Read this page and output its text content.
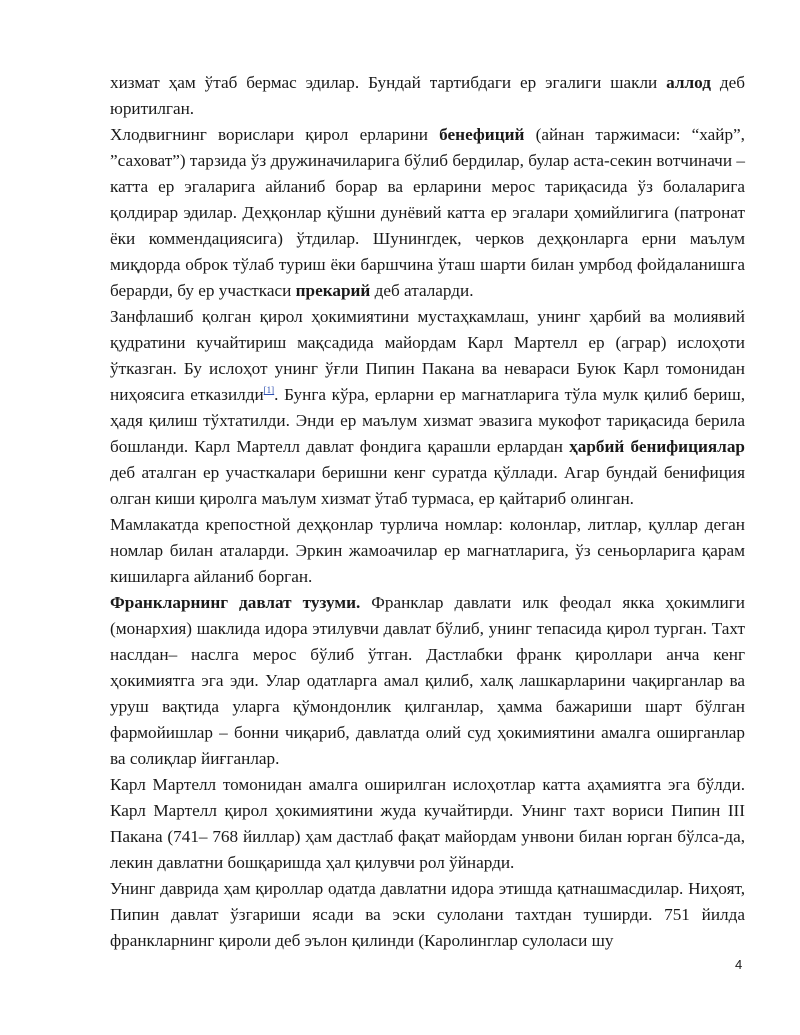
хизмат ҳам ўтаб бермас эдилар. Бундай тартибдаги ер эгалиги шакли аллод деб юритилган.

Хлодвигнинг ворислари қирол ерларини бенефиций (айнан таржимаси: “хайр”, ”саховат”) тарзида ўз дружиначиларига бўлиб бердилар, булар аста-секин вотчиначи – катта ер эгаларига айланиб борар ва ерларини мерос тариқасида ўз болаларига қолдирар эдилар. Деҳқонлар қўшни дунёвий катта ер эгалари ҳомийлигига (патронат ёки коммендациясига) ўтдилар. Шунингдек, черков деҳқонларга ерни маълум миқдорда оброк тўлаб туриш ёки баршчина ўташ шарти билан умрбод фойдаланишга берарди, бу ер участкаси прекарий деб аталарди.

Занфлашиб қолган қирол ҳокимиятини мустаҳкамлаш, унинг ҳарбий ва молиявий қудратини кучайтириш мақсадида майордам Карл Мартелл ер (аграр) ислоҳоти ўтказган. Бу ислоҳот унинг ўғли Пипин Пакана ва невараси Буюк Карл томонидан ниҳоясига етказилди[1]. Бунга кўра, ерларни ер магнатларига тўла мулк қилиб бериш, ҳадя қилиш тўхтатилди. Энди ер маълум хизмат эвазига мукофот тариқасида берила бошланди. Карл Мартелл давлат фондига қарашли ерлардан ҳарбий бенифициялар деб аталган ер участкалари беришни кенг суратда қўллади. Агар бундай бенифиция олган киши қиролга маълум хизмат ўтаб турмаса, ер қайтариб олинган.

Мамлакатда крепостной деҳқонлар турлича номлар: колонлар, литлар, қуллар деган номлар билан аталарди. Эркин жамоачилар ер магнатларига, ўз сеньорларига қарам кишиларга айланиб борган.

Франкларнинг давлат тузуми. Франклар давлати илк феодал якка ҳокимлиги (монархия) шаклида идора этилувчи давлат бўлиб, унинг тепасида қирол турган. Тахт наслдан– наслга мерос бўлиб ўтган. Дастлабки франк қироллари анча кенг ҳокимиятга эга эди. Улар одатларга амал қилиб, халқ лашкарларини чақирганлар ва уруш вақтида уларга қўмондонлик қилганлар, ҳамма бажариши шарт бўлган фармойишлар – бонни чиқариб, давлатда олий суд ҳокимиятини амалга оширганлар ва солиқлар йиғганлар.

Карл Мартелл томонидан амалга оширилган ислоҳотлар катта аҳамиятга эга бўлди. Карл Мартелл қирол ҳокимиятини жуда кучайтирди. Унинг тахт вориси Пипин III Пакана (741– 768 йиллар) ҳам дастлаб фақат майордам унвони билан юрган бўлса-да, лекин давлатни бошқаришда ҳал қилувчи рол ўйнарди.

Унинг даврида ҳам қироллар одатда давлатни идора этишда қатнашмасдилар. Ниҳоят, Пипин давлат ўзгариши ясади ва эски сулолани тахтдан туширди. 751 йилда франкларнинг қироли деб эълон қилинди (Каролинглар сулоласи шу

4
